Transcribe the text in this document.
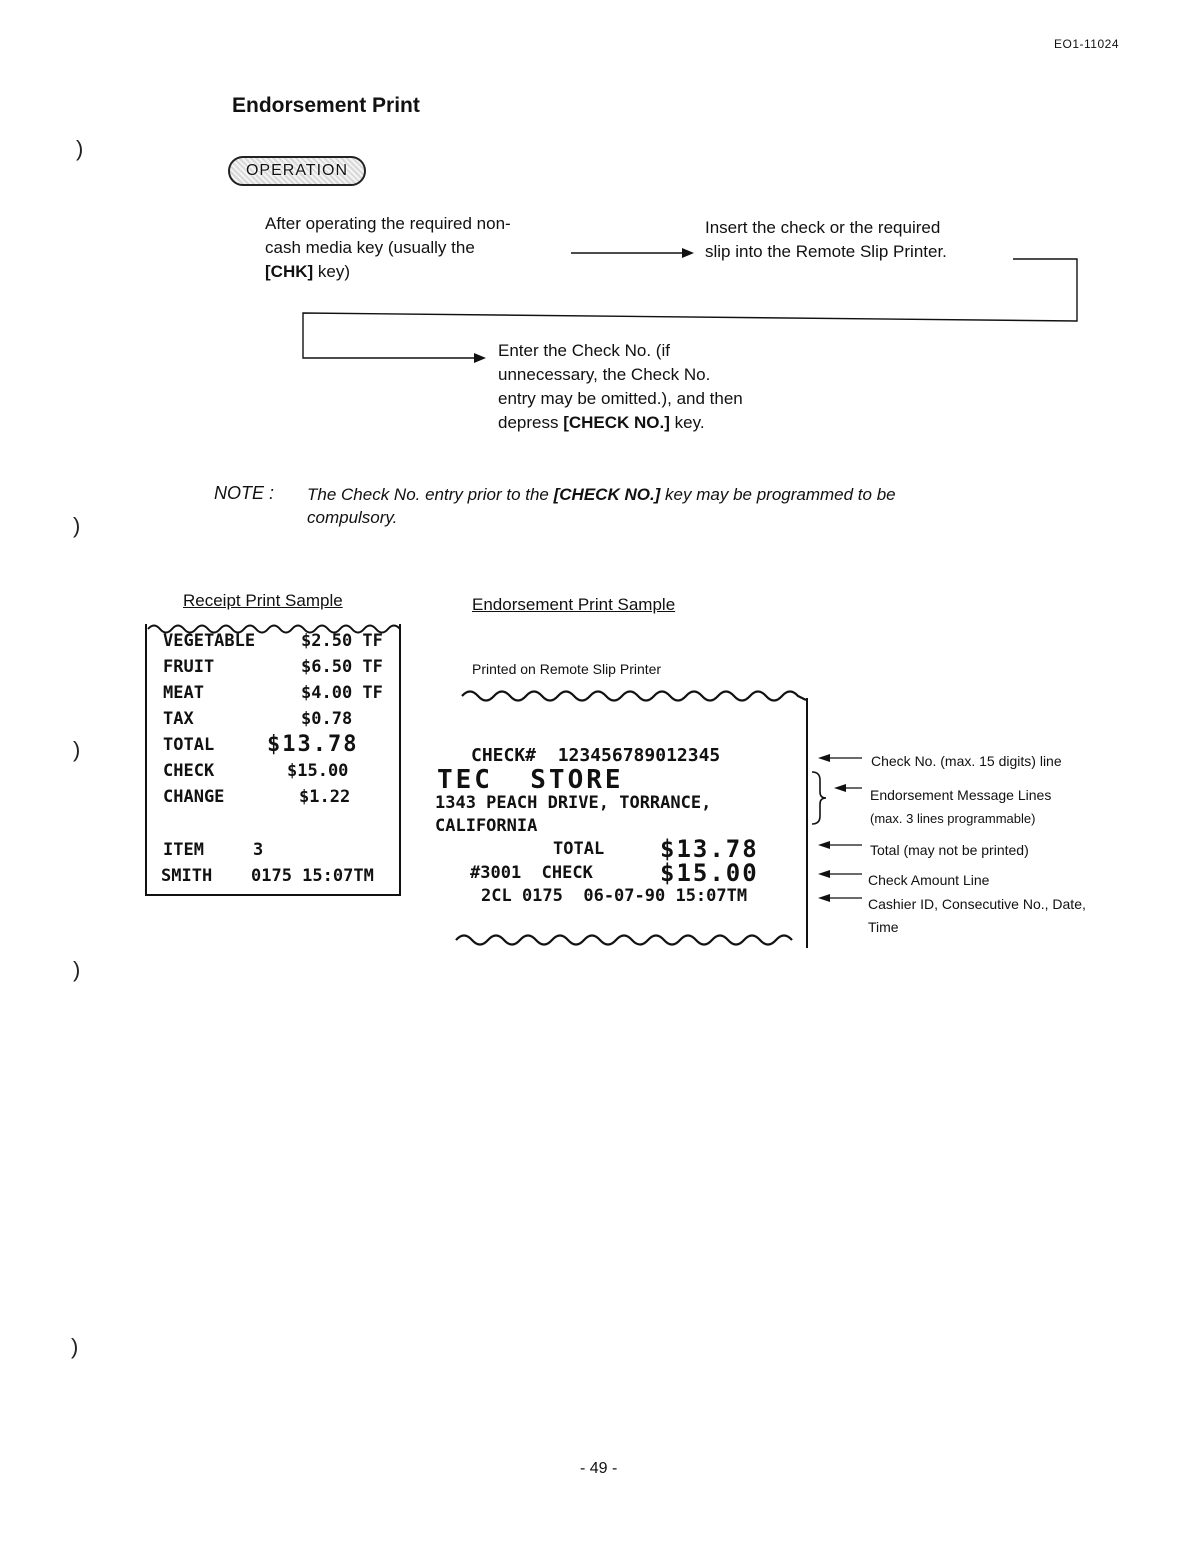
EO1-11024
Endorsement Print
OPERATION
After operating the required non-
cash media key (usually the
[CHK] key)
Insert the check or the required
slip into the Remote Slip Printer.
Enter the Check No. (if
unnecessary, the Check No.
entry may be omitted.), and then
depress [CHECK NO.] key.
)
)
)
)
)
NOTE : The Check No. entry prior to the [CHECK NO.] key may be programmed to be
compulsory.
Receipt Print Sample
VEGETABLE	$2.50 TF
FRUIT	$6.50 TF
MEAT	$4.00 TF
TAX	$0.78
TOTAL $13.78
CHECK	$15.00
CHANGE	$1.22
ITEM	3
SMITH 0175 15:07TM
Endorsement Print Sample
Printed on Remote Slip Printer
CHECK#  123456789012345
TEC  STORE
1343 PEACH DRIVE, TORRANCE,
CALIFORNIA
TOTAL $13.78
#3001  CHECK	$15.00
2CL 0175  06-07-90 15:07TM
Check No. (max. 15 digits) line
Endorsement Message Lines
(max. 3 lines programmable)
Total (may not be printed)
Check Amount Line
Cashier ID, Consecutive No., Date,
Time
- 49 -
